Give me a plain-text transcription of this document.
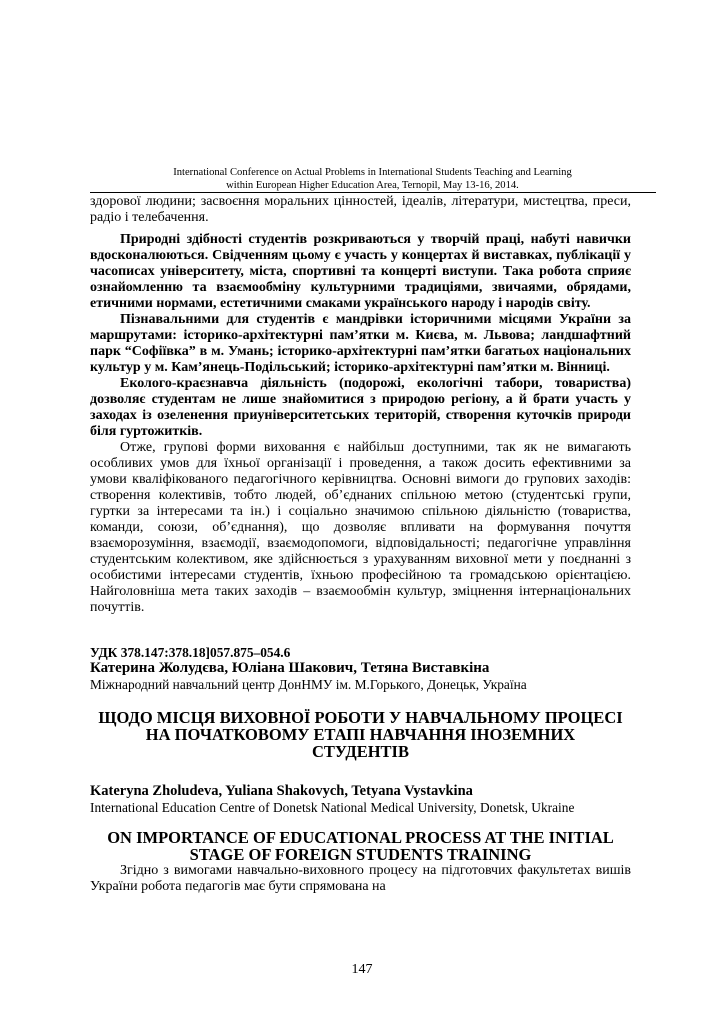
International Conference on Actual Problems in International Students Teaching and Learning
within European Higher Education Area, Ternopil, May 13-16, 2014.

здорової людини; засвоєння моральних цінностей, ідеалів, літератури, мистецтва, преси, радіо і телебачення.

Природні здібності студентів розкриваються у творчій праці, набуті навички вдосконалюються. Свідченням цьому є участь у концертах й виставках, публікації у часописах університету, міста, спортивні та концерті виступи. Така робота сприяє ознайомленню та взаємообміну культурними традиціями, звичаями, обрядами, етичними нормами, естетичними смаками українського народу і народів світу.

Пізнавальними для студентів є мандрівки історичними місцями України за маршрутами: історико-архітектурні пам’ятки м. Києва, м. Львова; ландшафтний парк “Софіївка” в м. Умань; історико-архітектурні пам’ятки багатьох національних культур у м. Кам’янець-Подільський; історико-архітектурні пам’ятки м. Вінниці.

Еколого-краєзнавча діяльність (подорожі, екологічні табори, товариства) дозволяє студентам не лише знайомитися з природою регіону, а й брати участь у заходах із озеленення приуніверситетських територій, створення куточків природи біля гуртожитків.

Отже, групові форми виховання є найбільш доступними, так як не вимагають особливих умов для їхньої організації і проведення, а також досить ефективними за умови кваліфікованого педагогічного керівництва. Основні вимоги до групових заходів: створення колективів, тобто людей, об’єднаних спільною метою (студентські групи, гуртки за інтересами та ін.) і соціально значимою спільною діяльністю (товариства, команди, союзи, об’єднання), що дозволяє впливати на формування почуття взаєморозуміння, взаємодії, взаємодопомоги, відповідальності; педагогічне управління студентським колективом, яке здійснюється з урахуванням виховної мети у поєднанні з особистими інтересами студентів, їхньою професійною та громадською орієнтацією. Найголовніша мета таких заходів – взаємообмін культур, зміцнення інтернаціональних почуттів.

УДК 378.147:378.18]057.875–054.6
Катерина Жолудєва, Юліана Шакович, Тетяна Виставкіна
Міжнародний навчальний центр ДонНМУ ім. М.Горького, Донецьк, Україна
ЩОДО МІСЦЯ ВИХОВНОЇ РОБОТИ У НАВЧАЛЬНОМУ ПРОЦЕСІ
НА ПОЧАТКОВОМУ ЕТАПІ НАВЧАННЯ ІНОЗЕМНИХ
СТУДЕНТІВ
Kateryna Zholudeva, Yuliana Shakovych, Tetyana Vystavkina
International Education Centre of Donetsk National Medical University, Donetsk, Ukraine
ON IMPORTANCE OF EDUCATIONAL PROCESS AT THE INITIAL
STAGE OF FOREIGN STUDENTS TRAINING

Згідно з вимогами навчально-виховного процесу на підготовчих факультетах вишів України робота педагогів має бути спрямована на

147
